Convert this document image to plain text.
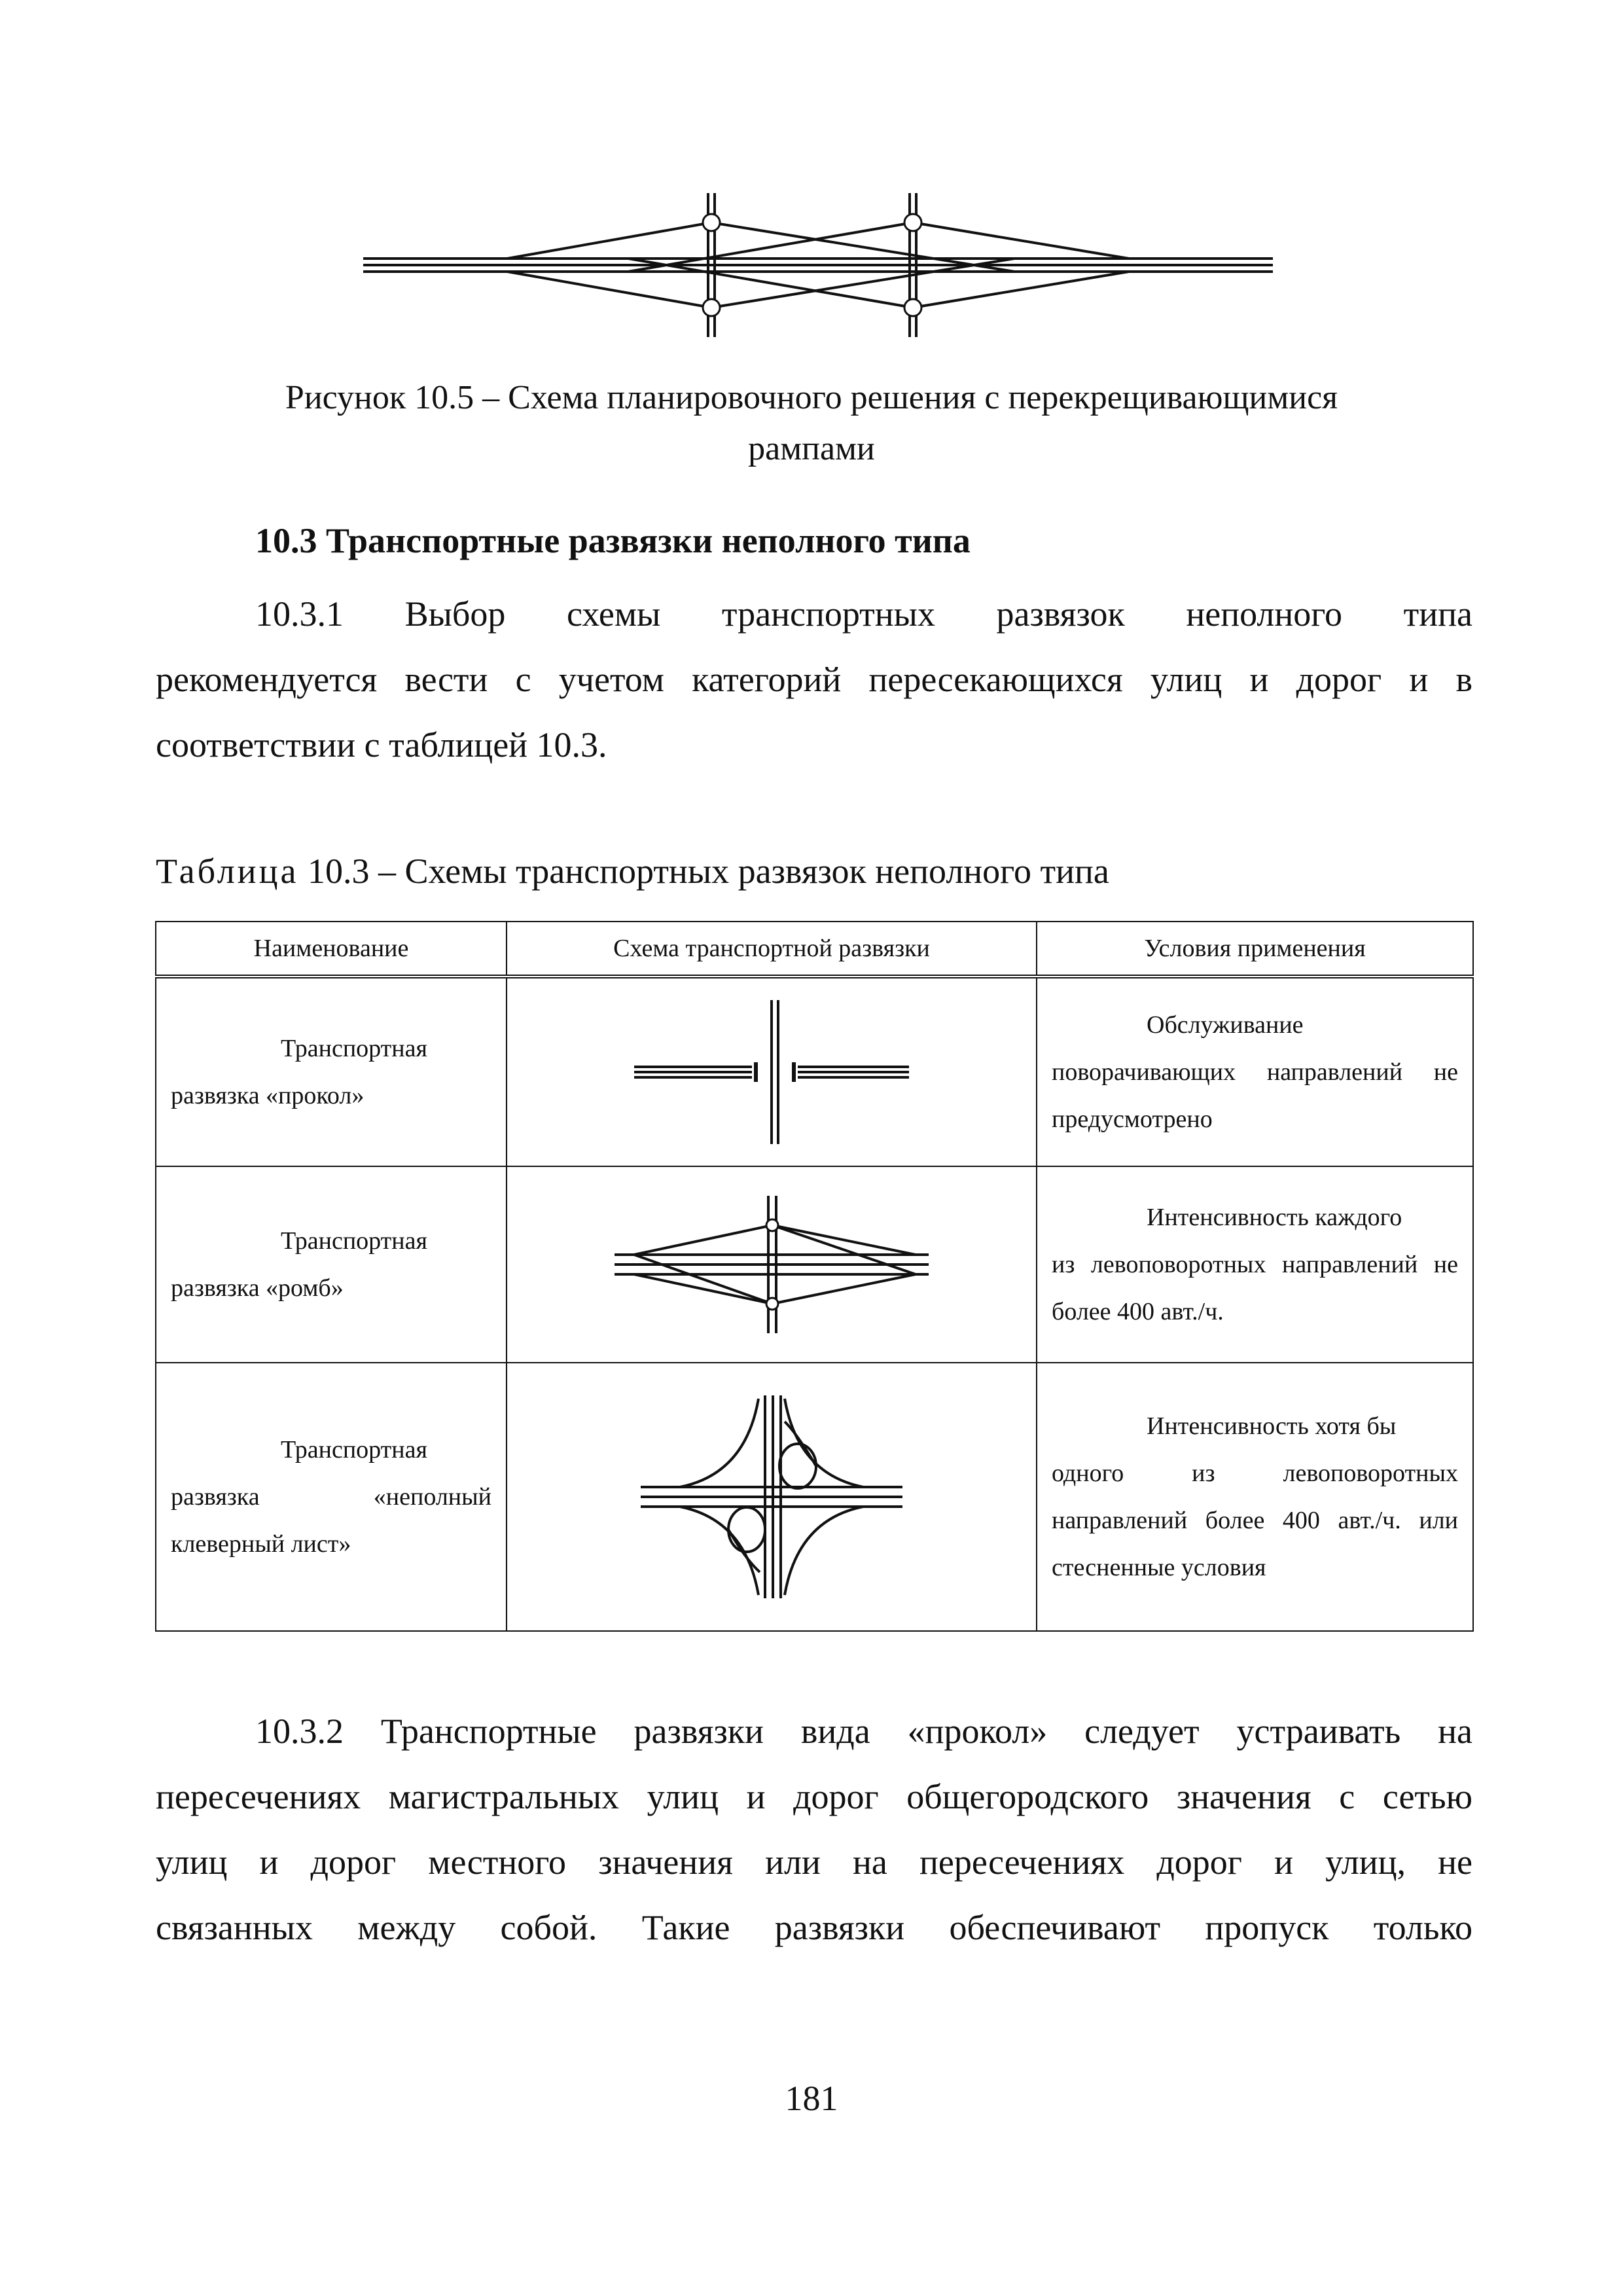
Рисунок 10.5 – Схема планировочного решения с перекрещивающимися
рампами
10.3 Транспортные развязки неполного типа
10.3.1 Выбор схемы транспортных развязок неполного типа
рекомендуется вести с учетом категорий пересекающихся улиц и дорог и в
соответствии с таблицей 10.3.
Таблица 10.3 – Схемы транспортных развязок неполного типа
Наименование	Схема транспортной развязки	Условия применения

Транспортная
развязка «прокол»		Обслуживание
поворачивающих направлений не предусмотрено

Транспортная
развязка «ромб»		Интенсивность каждого
из левоповоротных направлений не более 400 авт./ч.

Транспортная
развязка «неполный клеверный лист»		Интенсивность хотя бы
одного из левоповоротных направлений более 400 авт./ч. или стесненные условия
10.3.2 Транспортные развязки вида «прокол» следует устраивать на
пересечениях магистральных улиц и дорог общегородского значения с сетью
улиц и дорог местного значения или на пересечениях дорог и улиц, не
связанных между собой. Такие развязки обеспечивают пропуск только
181
